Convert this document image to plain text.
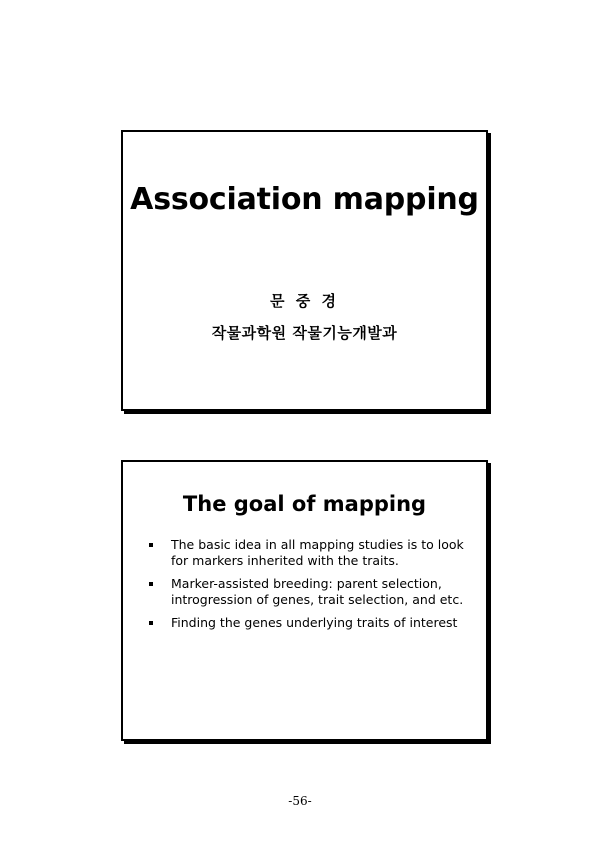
Association mapping
문 중 경
작물과학원 작물기능개발과
The goal of mapping
The basic idea in all mapping studies is to look for markers inherited with the traits.
Marker-assisted breeding: parent selection, introgression of genes, trait selection, and etc.
Finding the genes underlying traits of interest
-56-
